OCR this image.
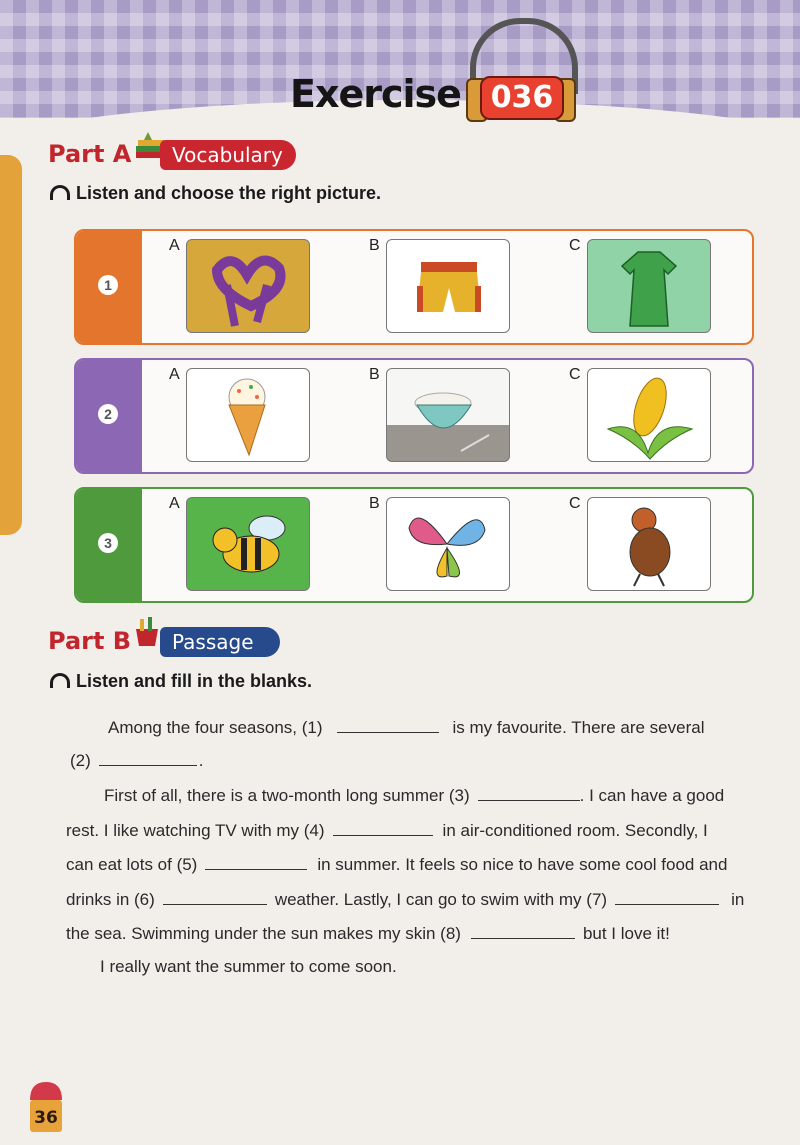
Exercise 036
Part A	Vocabulary
Listen and choose the right picture.
1
A	B	C
2
A	B	C
3
A	B	C
Part B	Passage
Listen and fill in the blanks.
Among the four seasons, (1)	is my favourite. There are several
(2)	.
First of all, there is a two-month long summer (3)	. I can have a good
rest. I like watching TV with my (4)	in air-conditioned room. Secondly, I
can eat lots of (5)	in summer. It feels so nice to have some cool food and
drinks in (6)	weather. Lastly, I can go to swim with my (7)	in
the sea. Swimming under the sun makes my skin (8)	but I love it!
I really want the summer to come soon.
36
